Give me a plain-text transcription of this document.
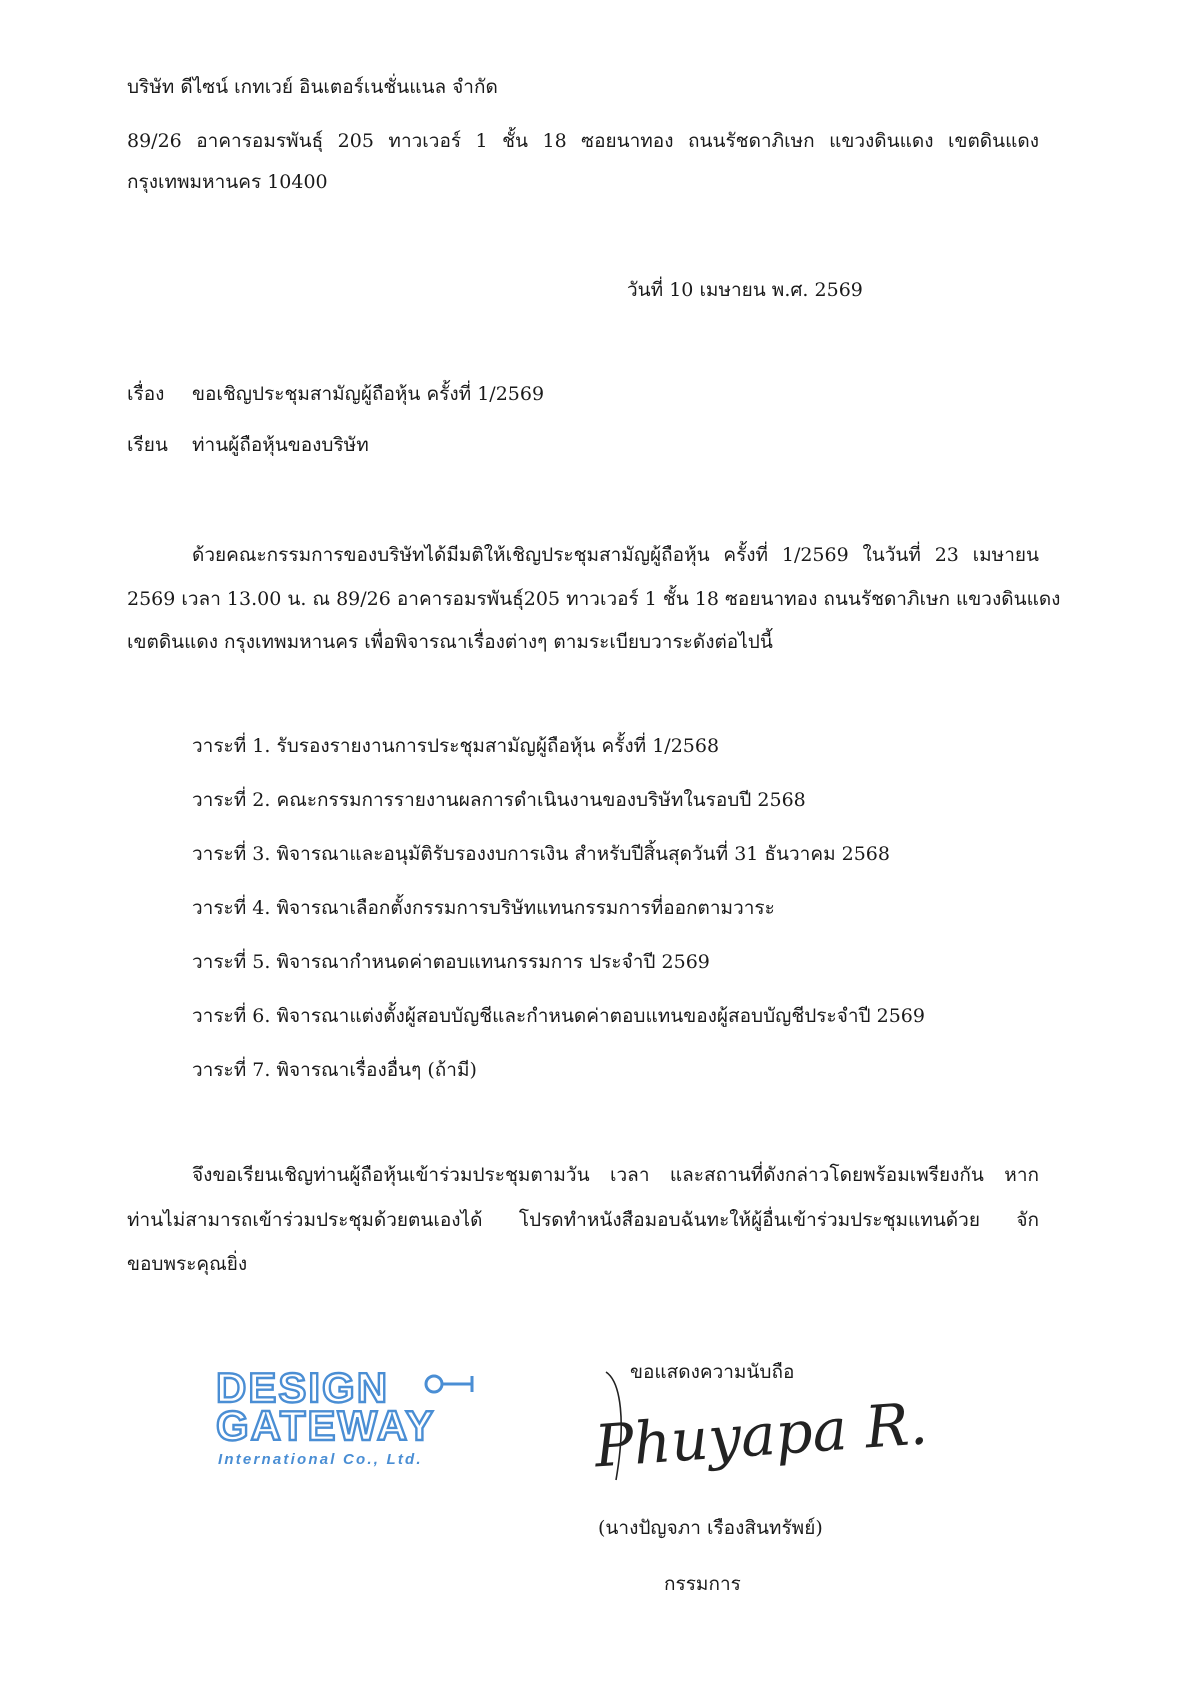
บริษัท ดีไซน์ เกทเวย์ อินเตอร์เนชั่นแนล จำกัด
89/26 อาคารอมรพันธุ์ 205 ทาวเวอร์ 1 ชั้น 18 ซอยนาทอง ถนนรัชดาภิเษก แขวงดินแดง เขตดินแดง
กรุงเทพมหานคร 10400
วันที่ 10 เมษายน พ.ศ. 2569
เรื่อง ขอเชิญประชุมสามัญผู้ถือหุ้น ครั้งที่ 1/2569
เรียน ท่านผู้ถือหุ้นของบริษัท
ด้วยคณะกรรมการของบริษัทได้มีมติให้เชิญประชุมสามัญผู้ถือหุ้น ครั้งที่ 1/2569 ในวันที่ 23 เมษายน
2569 เวลา 13.00 น. ณ 89/26 อาคารอมรพันธุ์205 ทาวเวอร์ 1 ชั้น 18 ซอยนาทอง ถนนรัชดาภิเษก แขวงดินแดง
เขตดินแดง กรุงเทพมหานคร เพื่อพิจารณาเรื่องต่างๆ ตามระเบียบวาระดังต่อไปนี้
วาระที่ 1. รับรองรายงานการประชุมสามัญผู้ถือหุ้น ครั้งที่ 1/2568
วาระที่ 2. คณะกรรมการรายงานผลการดำเนินงานของบริษัทในรอบปี 2568
วาระที่ 3. พิจารณาและอนุมัติรับรองงบการเงิน สำหรับปีสิ้นสุดวันที่ 31 ธันวาคม 2568
วาระที่ 4. พิจารณาเลือกตั้งกรรมการบริษัทแทนกรรมการที่ออกตามวาระ
วาระที่ 5. พิจารณากำหนดค่าตอบแทนกรรมการ ประจำปี 2569
วาระที่ 6. พิจารณาแต่งตั้งผู้สอบบัญชีและกำหนดค่าตอบแทนของผู้สอบบัญชีประจำปี 2569
วาระที่ 7. พิจารณาเรื่องอื่นๆ (ถ้ามี)
จึงขอเรียนเชิญท่านผู้ถือหุ้นเข้าร่วมประชุมตามวัน เวลา และสถานที่ดังกล่าวโดยพร้อมเพรียงกัน หาก
ท่านไม่สามารถเข้าร่วมประชุมด้วยตนเองได้ โปรดทำหนังสือมอบฉันทะให้ผู้อื่นเข้าร่วมประชุมแทนด้วย จัก
ขอบพระคุณยิ่ง
ขอแสดงความนับถือ
DESIGN
GATEWAY
International Co., Ltd.	Phuyapa R.
(นางปัญจภา เรืองสินทรัพย์)
กรรมการ
